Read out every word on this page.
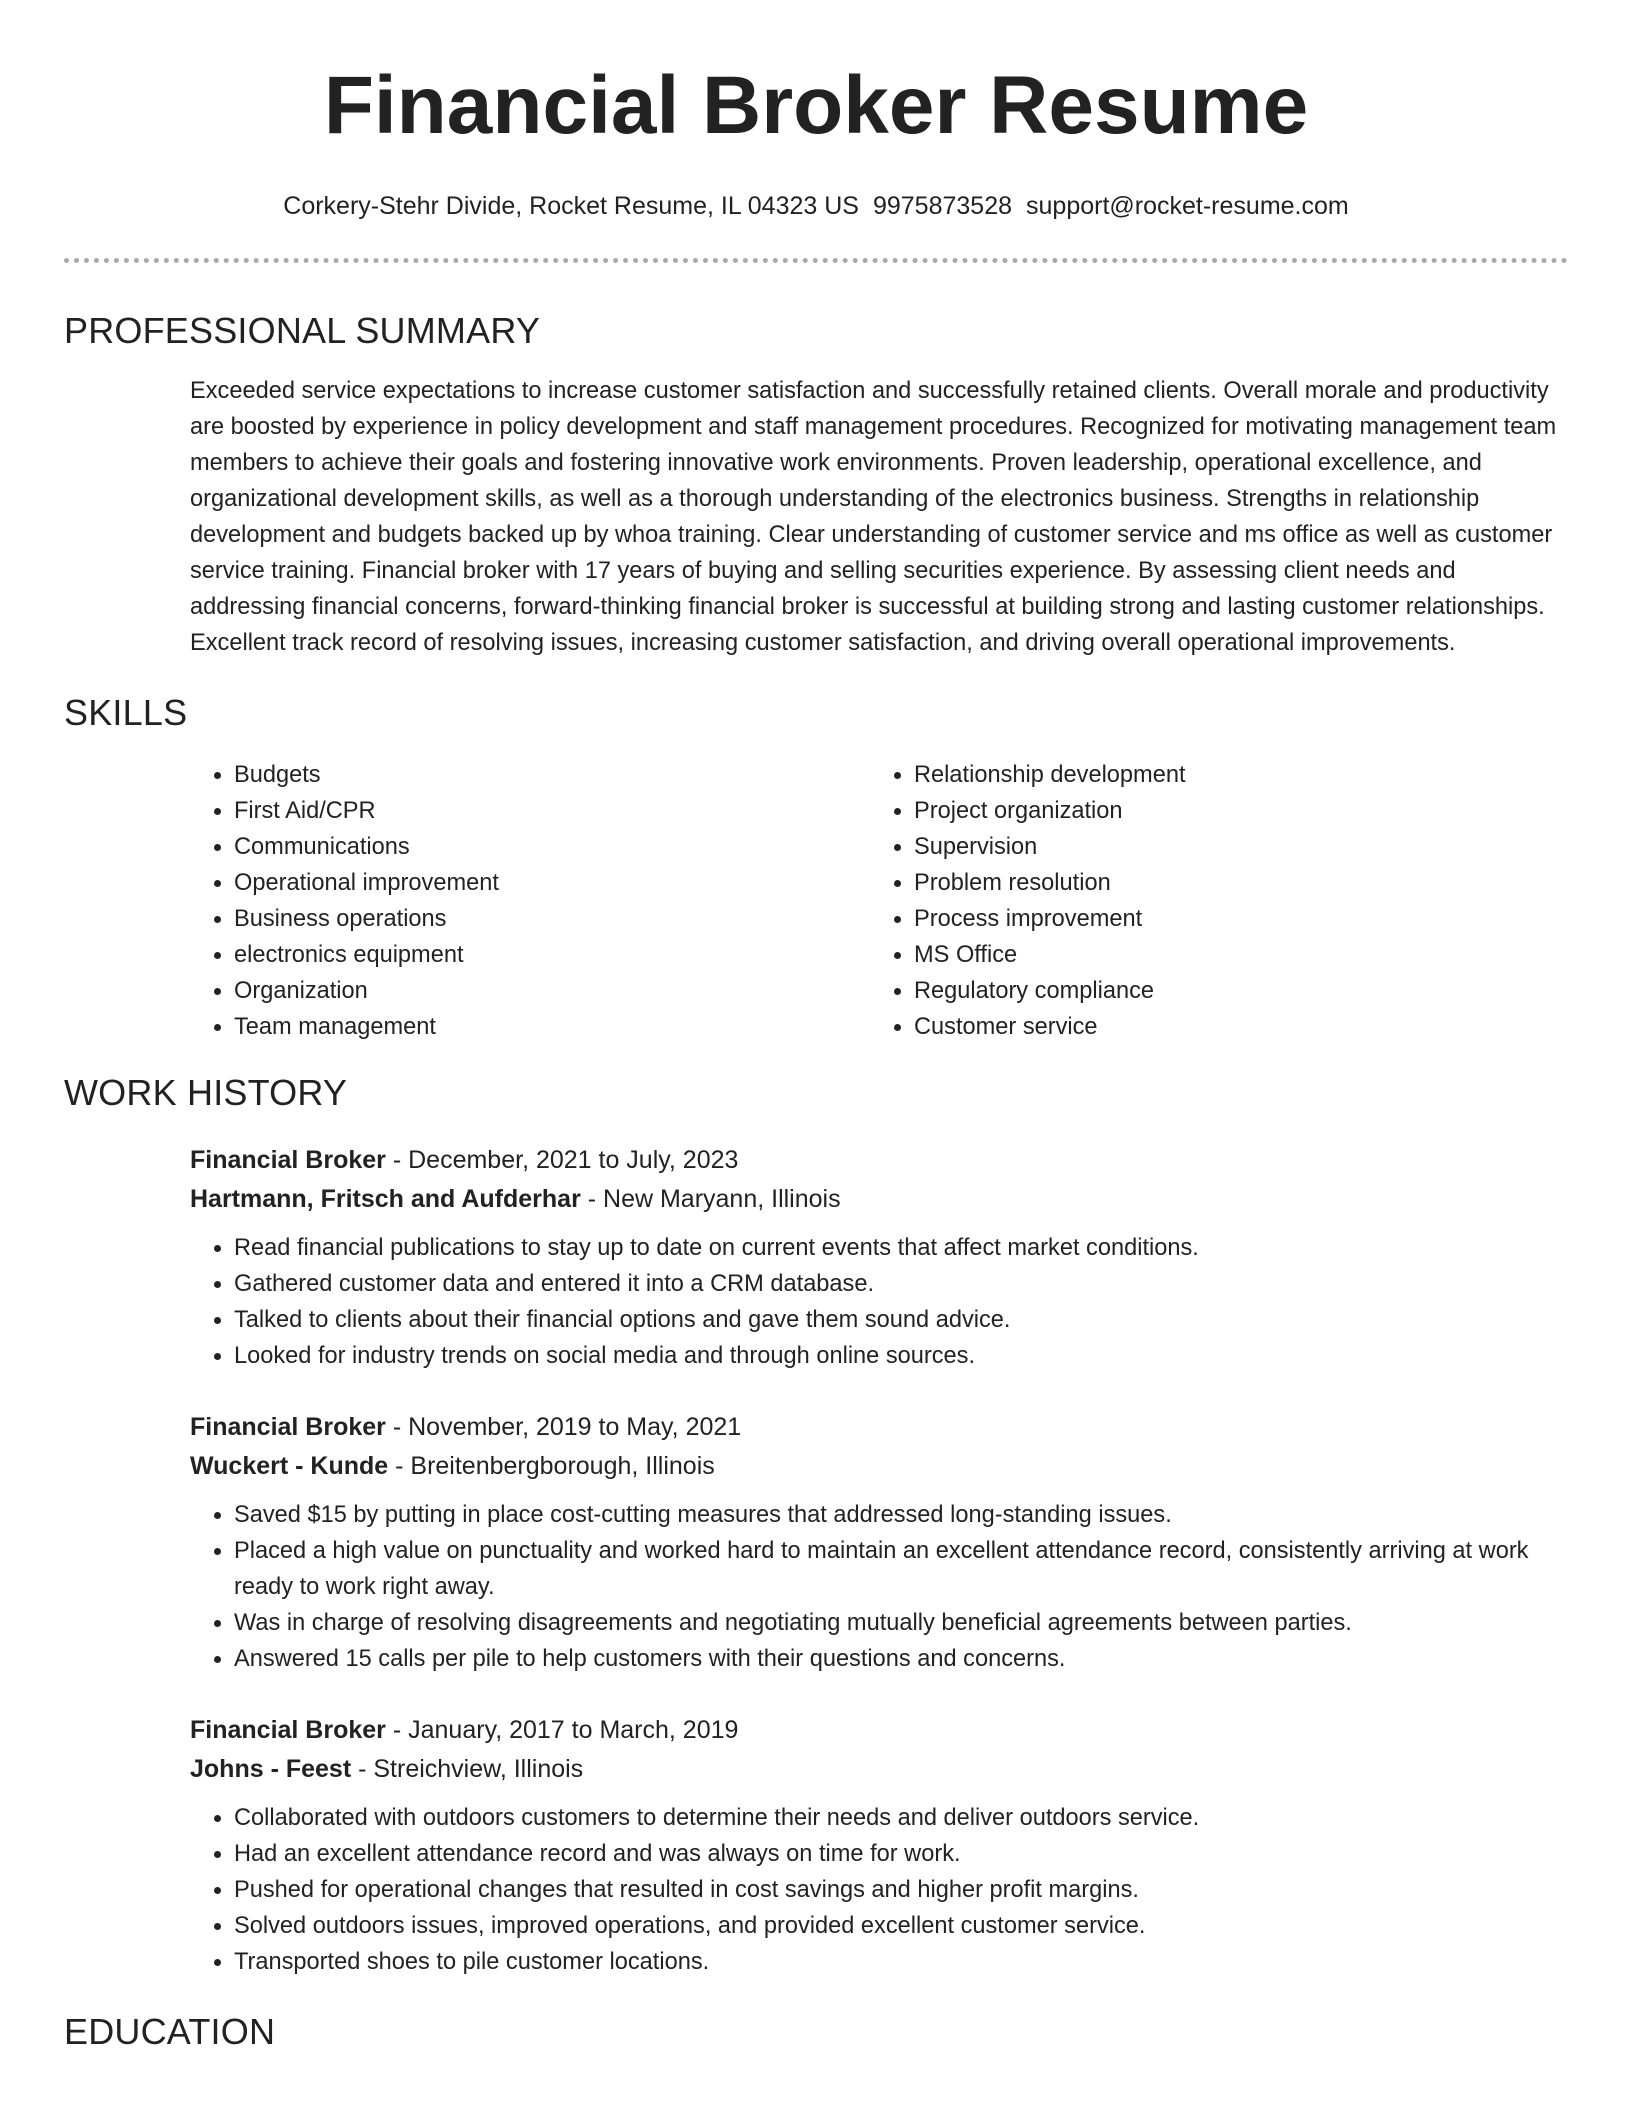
Financial Broker Resume
Corkery-Stehr Divide, Rocket Resume, IL 04323 US 9975873528 support@rocket-resume.com
PROFESSIONAL SUMMARY

Exceeded service expectations to increase customer satisfaction and successfully retained clients. Overall morale and productivity are boosted by experience in policy development and staff management procedures. Recognized for motivating management team members to achieve their goals and fostering innovative work environments. Proven leadership, operational excellence, and organizational development skills, as well as a thorough understanding of the electronics business. Strengths in relationship development and budgets backed up by whoa training. Clear understanding of customer service and ms office as well as customer service training. Financial broker with 17 years of buying and selling securities experience. By assessing client needs and addressing financial concerns, forward-thinking financial broker is successful at building strong and lasting customer relationships. Excellent track record of resolving issues, increasing customer satisfaction, and driving overall operational improvements.

SKILLS
• Budgets
• First Aid/CPR
• Communications
• Operational improvement
• Business operations
• electronics equipment
• Organization
• Team management
• Relationship development
• Project organization
• Supervision
• Problem resolution
• Process improvement
• MS Office
• Regulatory compliance
• Customer service
WORK HISTORY
Financial Broker - December, 2021 to July, 2023
Hartmann, Fritsch and Aufderhar - New Maryann, Illinois
• Read financial publications to stay up to date on current events that affect market conditions.
• Gathered customer data and entered it into a CRM database.
• Talked to clients about their financial options and gave them sound advice.
• Looked for industry trends on social media and through online sources.
Financial Broker - November, 2019 to May, 2021
Wuckert - Kunde - Breitenbergborough, Illinois
• Saved $15 by putting in place cost-cutting measures that addressed long-standing issues.
• Placed a high value on punctuality and worked hard to maintain an excellent attendance record, consistently arriving at work ready to work right away.
• Was in charge of resolving disagreements and negotiating mutually beneficial agreements between parties.
• Answered 15 calls per pile to help customers with their questions and concerns.
Financial Broker - January, 2017 to March, 2019
Johns - Feest - Streichview, Illinois
• Collaborated with outdoors customers to determine their needs and deliver outdoors service.
• Had an excellent attendance record and was always on time for work.
• Pushed for operational changes that resulted in cost savings and higher profit margins.
• Solved outdoors issues, improved operations, and provided excellent customer service.
• Transported shoes to pile customer locations.
EDUCATION
